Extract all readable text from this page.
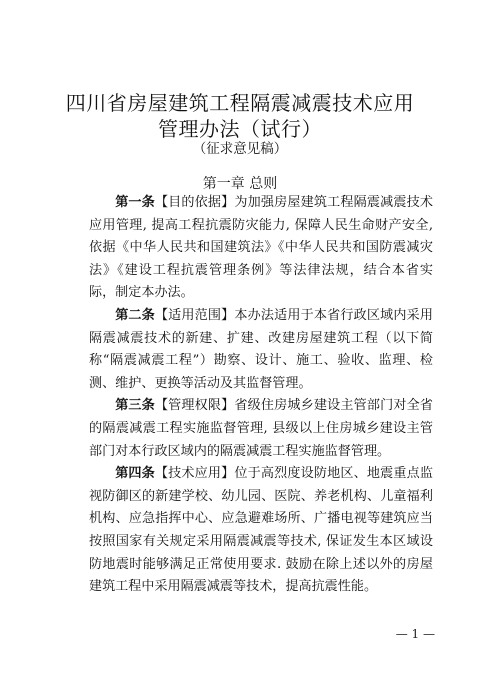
四川省房屋建筑工程隔震减震技术应用
管理办法（试行）
（征求意见稿）
第一章 总则

第一条【目的依据】为加强房屋建筑工程隔震减震技术应用管理, 提高工程抗震防灾能力, 保障人民生命财产安全, 依据《中华人民共和国建筑法》《中华人民共和国防震减灾法》《建设工程抗震管理条例》等法律法规，结合本省实际，制定本办法。

第二条【适用范围】本办法适用于本省行政区域内采用隔震减震技术的新建、扩建、改建房屋建筑工程（以下简称“隔震减震工程”）勘察、设计、施工、验收、监理、检测、维护、更换等活动及其监督管理。

第三条【管理权限】省级住房城乡建设主管部门对全省的隔震减震工程实施监督管理, 县级以上住房城乡建设主管部门对本行政区域内的隔震减震工程实施监督管理。

第四条【技术应用】位于高烈度设防地区、地震重点监视防御区的新建学校、幼儿园、医院、养老机构、儿童福利机构、应急指挥中心、应急避难场所、广播电视等建筑应当按照国家有关规定采用隔震减震等技术, 保证发生本区域设防地震时能够满足正常使用要求. 鼓励在除上述以外的房屋建筑工程中采用隔震减震等技术，提高抗震性能。

— 1 —
